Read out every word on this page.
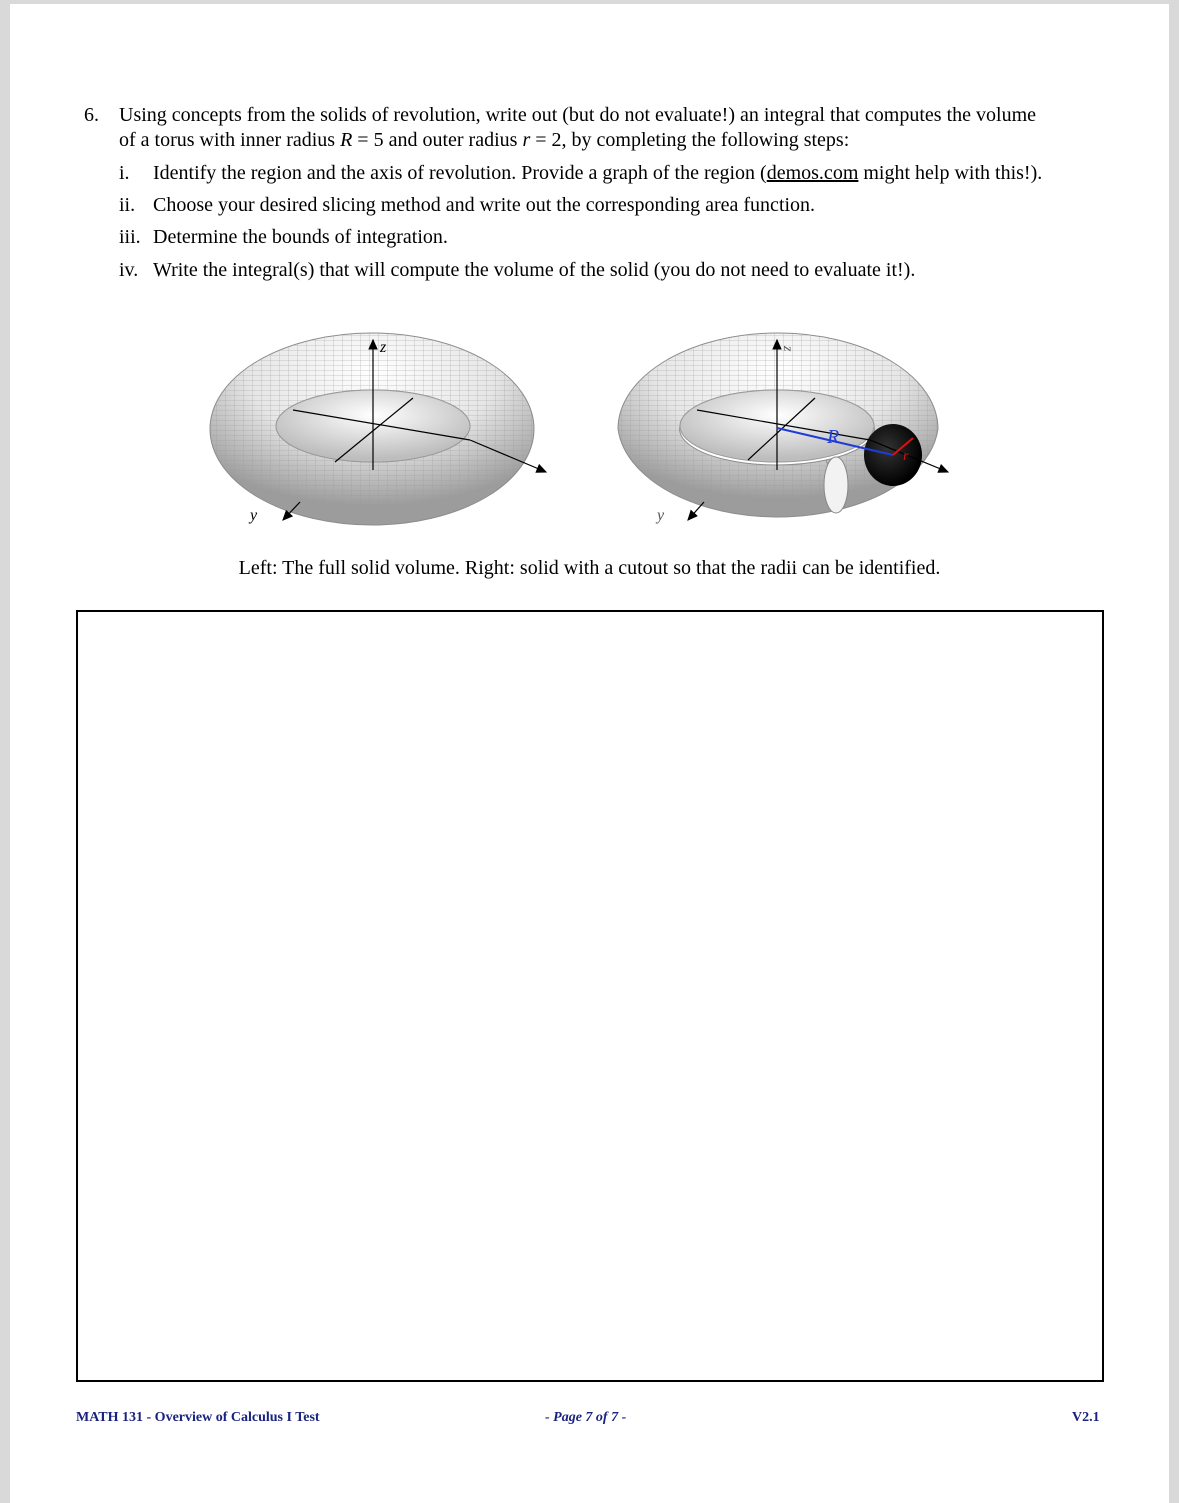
6. Using concepts from the solids of revolution, write out (but do not evaluate!) an integral that computes the volume
of a torus with inner radius R = 5 and outer radius r = 2, by completing the following steps:
i. Identify the region and the axis of revolution. Provide a graph of the region (demos.com might help with this!).
ii. Choose your desired slicing method and write out the corresponding area function.
iii. Determine the bounds of integration.
iv. Write the integral(s) that will compute the volume of the solid (you do not need to evaluate it!).
z
y
z
y
R
r
Left: The full solid volume. Right: solid with a cutout so that the radii can be identified.
MATH 131 - Overview of Calculus I Test	- Page 7 of 7 -	V2.1
